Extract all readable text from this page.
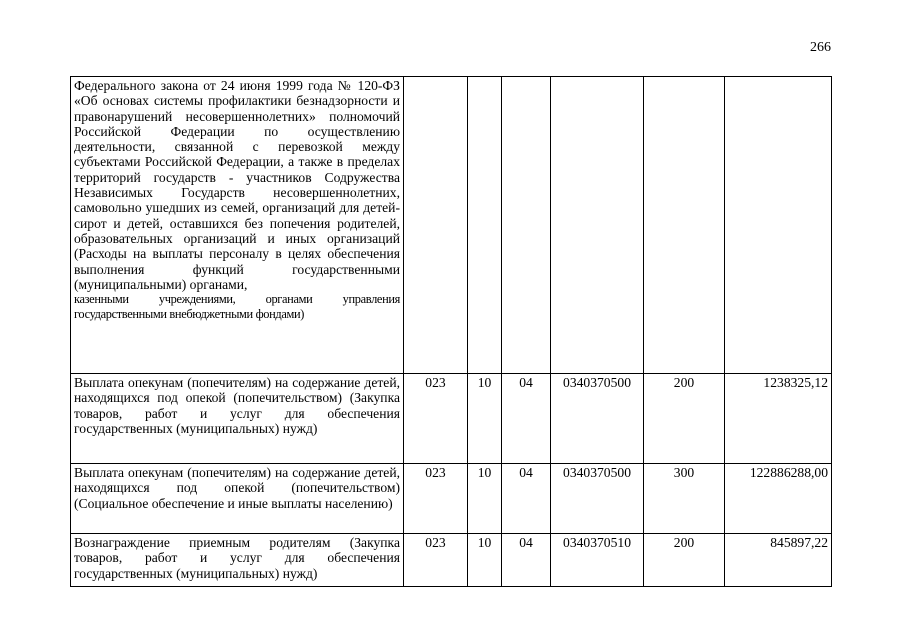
266
Федерального закона от 24 июня 1999 года № 120-ФЗ «Об основах системы профилактики безнадзорности и правонарушений несовершеннолетних» полномочий Российской Федерации по осуществлению деятельности, связанной с перевозкой между субъектами Российской Федерации, а также в пределах территорий государств - участников Содружества Независимых Государств несовершеннолетних, самовольно ушедших из семей, организаций для детей-сирот и детей, оставшихся без попечения родителей, образовательных организаций и иных организаций (Расходы на выплаты персоналу в целях обеспечения выполнения функций государственными (муниципальными) органами,
казенными учреждениями, органами управления государственными внебюджетными фондами)						

Выплата опекунам (попечителям) на содержание детей, находящихся под опекой (попечительством) (Закупка товаров, работ и услуг для обеспечения государственных (муниципальных) нужд)	023	10	04	0340370500	200	1238325,12
Выплата опекунам (попечителям) на содержание детей, находящихся под опекой (попечительством) (Социальное обеспечение и иные выплаты населению)	023	10	04	0340370500	300	122886288,00
Вознаграждение приемным родителям (Закупка товаров, работ и услуг для обеспечения государственных (муниципальных) нужд)	023	10	04	0340370510	200	845897,22
